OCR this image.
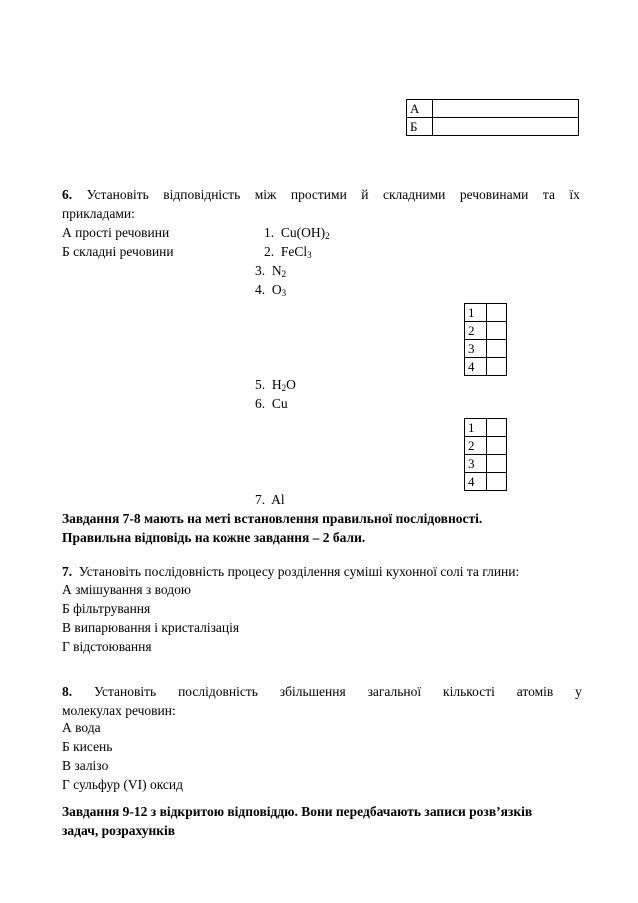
А	
Б	
6. Установіть відповідність між простими й складними речовинами та їх
прикладами:
А прості речовини
Б складні речовини
1. $Cu(OH)_2$
2. FeCl$_3$
3. $N_2$
4. $O_3$
1	
2	
3	
4	
5. $H_2O$
6. Cu
1	
2	
3	
4	
7. Al
Завдання 7-8 мають на меті встановлення правильної послідовності.
Правильна відповідь на кожне завдання – 2 бали.
7. Установіть послідовність процесу розділення суміші кухонної солі та глини:
А змішування з водою
Б фільтрування
В випарювання і кристалізація
Г відстоювання
8. Установіть послідовність збільшення загальної кількості атомів у
молекулах речовин:
А вода
Б кисень
В залізо
Г сульфур (VI) оксид
Завдання 9-12 з відкритою відповіддю. Вони передбачають записи розв’язків
задач, розрахунків
